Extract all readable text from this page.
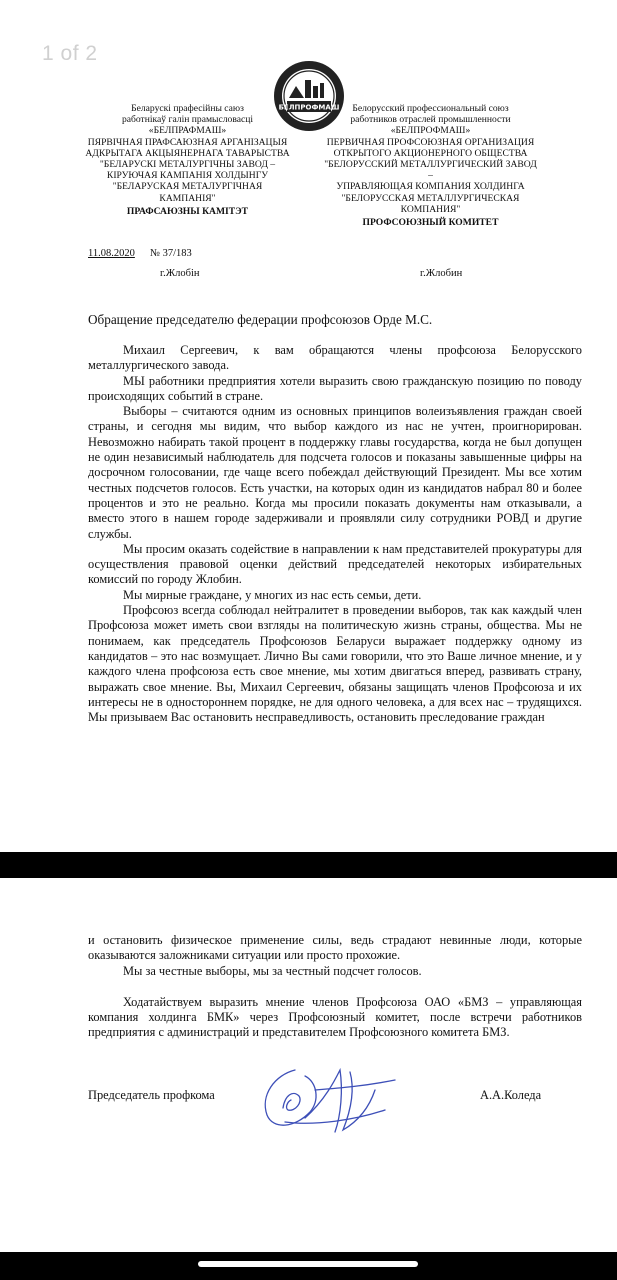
1 of 2
Беларускі прафесійны саюз
работнікаў галін прамысловасці
«БЕЛПРАФМАШ»
ПЯРВІЧНАЯ ПРАФСАЮЗНАЯ АРГАНІЗАЦЫЯ
АДКРЫТАГА АКЦЫЯНЕРНАГА ТАВАРЫСТВА
"БЕЛАРУСКІ МЕТАЛУРГІЧНЫ ЗАВОД –
КІРУЮЧАЯ КАМПАНІЯ ХОЛДЫНГУ
"БЕЛАРУСКАЯ МЕТАЛУРГІЧНАЯ
КАМПАНІЯ"
ПРАФСАЮЗНЫ КАМІТЭТ
БЕЛПРОФМАШ	Белорусский профессиональный союз
работников отраслей промышленности
«БЕЛПРОФМАШ»
ПЕРВИЧНАЯ ПРОФСОЮЗНАЯ ОРГАНИЗАЦИЯ
ОТКРЫТОГО АКЦИОНЕРНОГО ОБЩЕСТВА
"БЕЛОРУССКИЙ МЕТАЛЛУРГИЧЕСКИЙ ЗАВОД –
УПРАВЛЯЮЩАЯ КОМПАНИЯ ХОЛДИНГА
"БЕЛОРУССКАЯ МЕТАЛЛУРГИЧЕСКАЯ
КОМПАНИЯ"
ПРОФСОЮЗНЫЙ КОМИТЕТ
11.08.2020 № 37/183
г.Жлобін	г.Жлобин
Обращение председателю федерации профсоюзов Орде М.С.

Михаил Сергеевич, к вам обращаются члены профсоюза Белорусского металлургического завода.

МЫ работники предприятия хотели выразить свою гражданскую позицию по поводу происходящих событий в стране.

Выборы – считаются одним из основных принципов волеизъявления граждан своей страны, и сегодня мы видим, что выбор каждого из нас не учтен, проигнорирован. Невозможно набирать такой процент в поддержку главы государства, когда не был допущен не один независимый наблюдатель для подсчета голосов и показаны завышенные цифры на досрочном голосовании, где чаще всего побеждал действующий Президент. Мы все хотим честных подсчетов голосов. Есть участки, на которых один из кандидатов набрал 80 и более процентов и это не реально. Когда мы просили показать документы нам отказывали, а вместо этого в нашем городе задерживали и проявляли силу сотрудники РОВД и другие службы.

Мы просим оказать содействие в направлении к нам представителей прокуратуры для осуществления правовой оценки действий председателей некоторых избирательных комиссий по городу Жлобин.

Мы мирные граждане, у многих из нас есть семьи, дети.

Профсоюз всегда соблюдал нейтралитет в проведении выборов, так как каждый член Профсоюза может иметь свои взгляды на политическую жизнь страны, общества. Мы не понимаем, как председатель Профсоюзов Беларуси выражает поддержку одному из кандидатов – это нас возмущает. Лично Вы сами говорили, что это Ваше личное мнение, и у каждого члена профсоюза есть свое мнение, мы хотим двигаться вперед, развивать страну, выражать свое мнение. Вы, Михаил Сергеевич, обязаны защищать членов Профсоюза и их интересы не в одностороннем порядке, не для одного человека, а для всех нас – трудящихся. Мы призываем Вас остановить несправедливость, остановить преследование граждан

и остановить физическое применение силы, ведь страдают невинные люди, которые оказываются заложниками ситуации или просто прохожие.

Мы за честные выборы, мы за честный подсчет голосов.

Ходатайствуем выразить мнение членов Профсоюза ОАО «БМЗ – управляющая компания холдинга БМК» через Профсоюзный комитет, после встречи работников предприятия с администраций и представителем Профсоюзного комитета БМЗ.

Председатель профкома	А.А.Коледа
